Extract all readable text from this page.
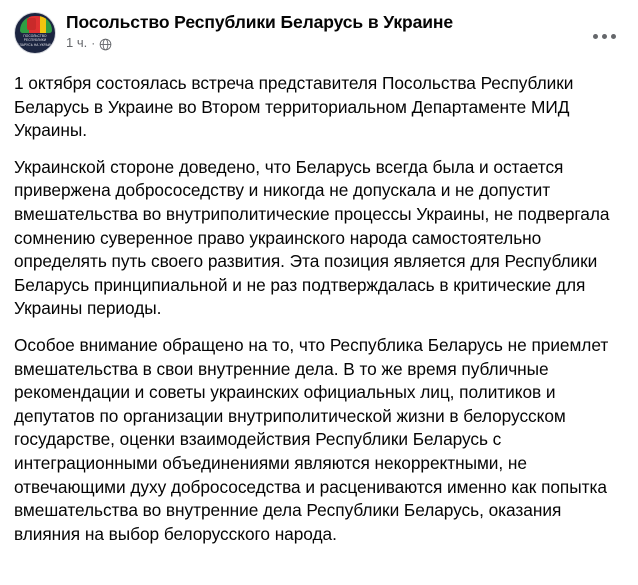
ПОСОЛЬСТВО РЕСПУБЛИКИ БЕЛАРУСЬ НА УКРАИНЕ
Посольство Республики Беларусь в Украине
1 ч. ·

1 октября состоялась встреча представителя Посольства Республики Беларусь в Украине во Втором территориальном Департаменте МИД Украины.

Украинской стороне доведено, что Беларусь всегда была и остается привержена добрососедству и никогда не допускала и не допустит вмешательства во внутриполитические процессы Украины, не подвергала сомнению суверенное право украинского народа самостоятельно определять путь своего развития. Эта позиция является для Республики Беларусь принципиальной и не раз подтверждалась в критические для Украины периоды.

Особое внимание обращено на то, что Республика Беларусь не приемлет вмешательства в свои внутренние дела. В то же время публичные рекомендации и советы украинских официальных лиц, политиков и депутатов по организации внутриполитической жизни в белорусском государстве, оценки взаимодействия Республики Беларусь с интеграционными объединениями являются некорректными, не отвечающими духу добрососедства и расцениваются именно как попытка вмешательства во внутренние дела Республики Беларусь, оказания влияния на выбор белорусского народа.
